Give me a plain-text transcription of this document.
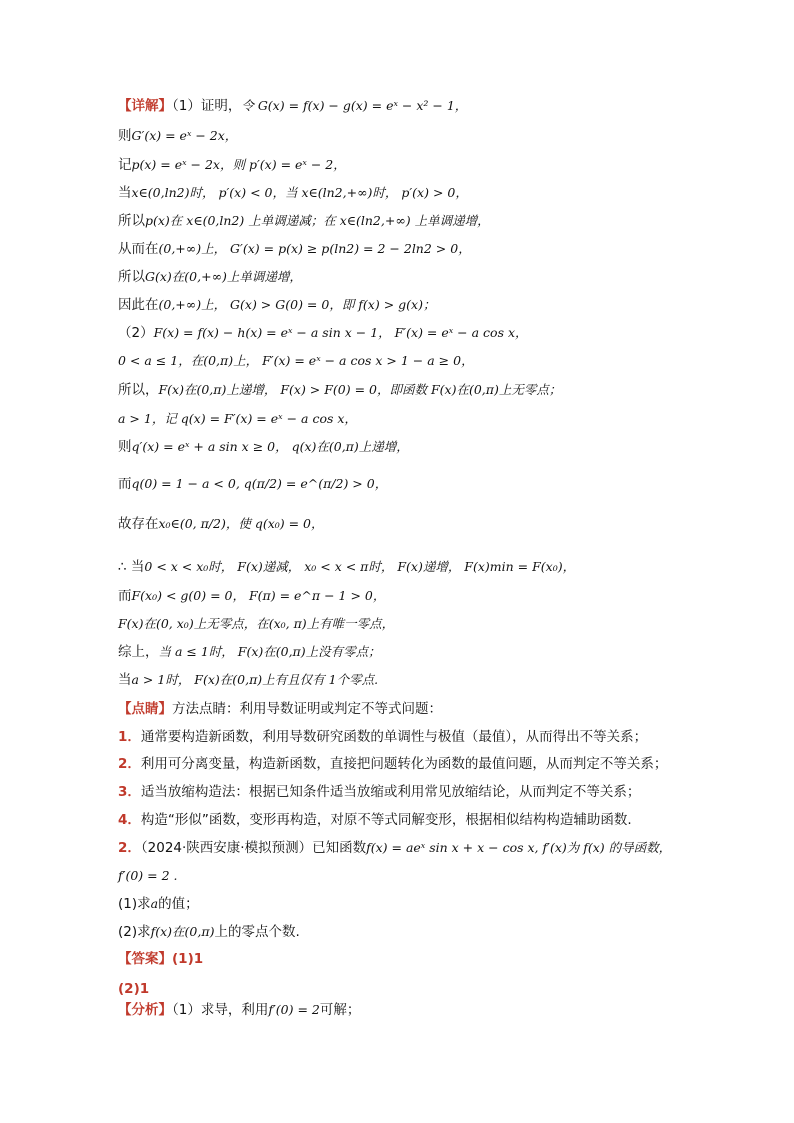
【详解】（1）证明，令 G(x) = f(x) − g(x) = eˣ − x² − 1，
则G′(x) = eˣ − 2x，
记p(x) = eˣ − 2x，则 p′(x) = eˣ − 2，
当x∈(0,ln2)时， p′(x) < 0，当 x∈(ln2,+∞)时， p′(x) > 0，
所以p(x)在 x∈(0,ln2) 上单调递减；在 x∈(ln2,+∞) 上单调递增，
从而在(0,+∞)上， G′(x) = p(x) ≥ p(ln2) = 2 − 2ln2 > 0，
所以G(x)在(0,+∞)上单调递增，
因此在(0,+∞)上， G(x) > G(0) = 0，即 f(x) > g(x)；
（2）F(x) = f(x) − h(x) = eˣ − a sin x − 1， F′(x) = eˣ − a cos x，
0 < a ≤ 1，在(0,π)上， F′(x) = eˣ − a cos x > 1 − a ≥ 0，
所以，F(x)在(0,π)上递增， F(x) > F(0) = 0，即函数 F(x)在(0,π)上无零点；
a > 1，记 q(x) = F′(x) = eˣ − a cos x，
则q′(x) = eˣ + a sin x ≥ 0， q(x)在(0,π)上递增，
而q(0) = 1 − a < 0, q(π/2) = e^(π/2) > 0，
故存在x₀∈(0, π/2)，使 q(x₀) = 0，
∴ 当0 < x < x₀时， F(x)递减， x₀ < x < π时， F(x)递增， F(x)min = F(x₀)，
而F(x₀) < g(0) = 0， F(π) = e^π − 1 > 0，
F(x)在(0, x₀)上无零点，在(x₀, π)上有唯一零点，
综上，当 a ≤ 1时， F(x)在(0,π)上没有零点；
当a > 1时， F(x)在(0,π)上有且仅有 1个零点.
【点睛】方法点睛：利用导数证明或判定不等式问题：
1．通常要构造新函数，利用导数研究函数的单调性与极值（最值），从而得出不等关系；
2．利用可分离变量，构造新函数，直接把问题转化为函数的最值问题，从而判定不等关系；
3．适当放缩构造法：根据已知条件适当放缩或利用常见放缩结论，从而判定不等关系；
4．构造“形似”函数，变形再构造，对原不等式同解变形，根据相似结构构造辅助函数.
2．（2024·陕西安康·模拟预测）已知函数f(x) = aeˣ sin x + x − cos x, f′(x)为 f(x) 的导函数，
f′(0) = 2 .
(1)求a的值；
(2)求f(x)在(0,π)上的零点个数.
【答案】(1)1
(2)1
【分析】（1）求导，利用f′(0) = 2可解；
